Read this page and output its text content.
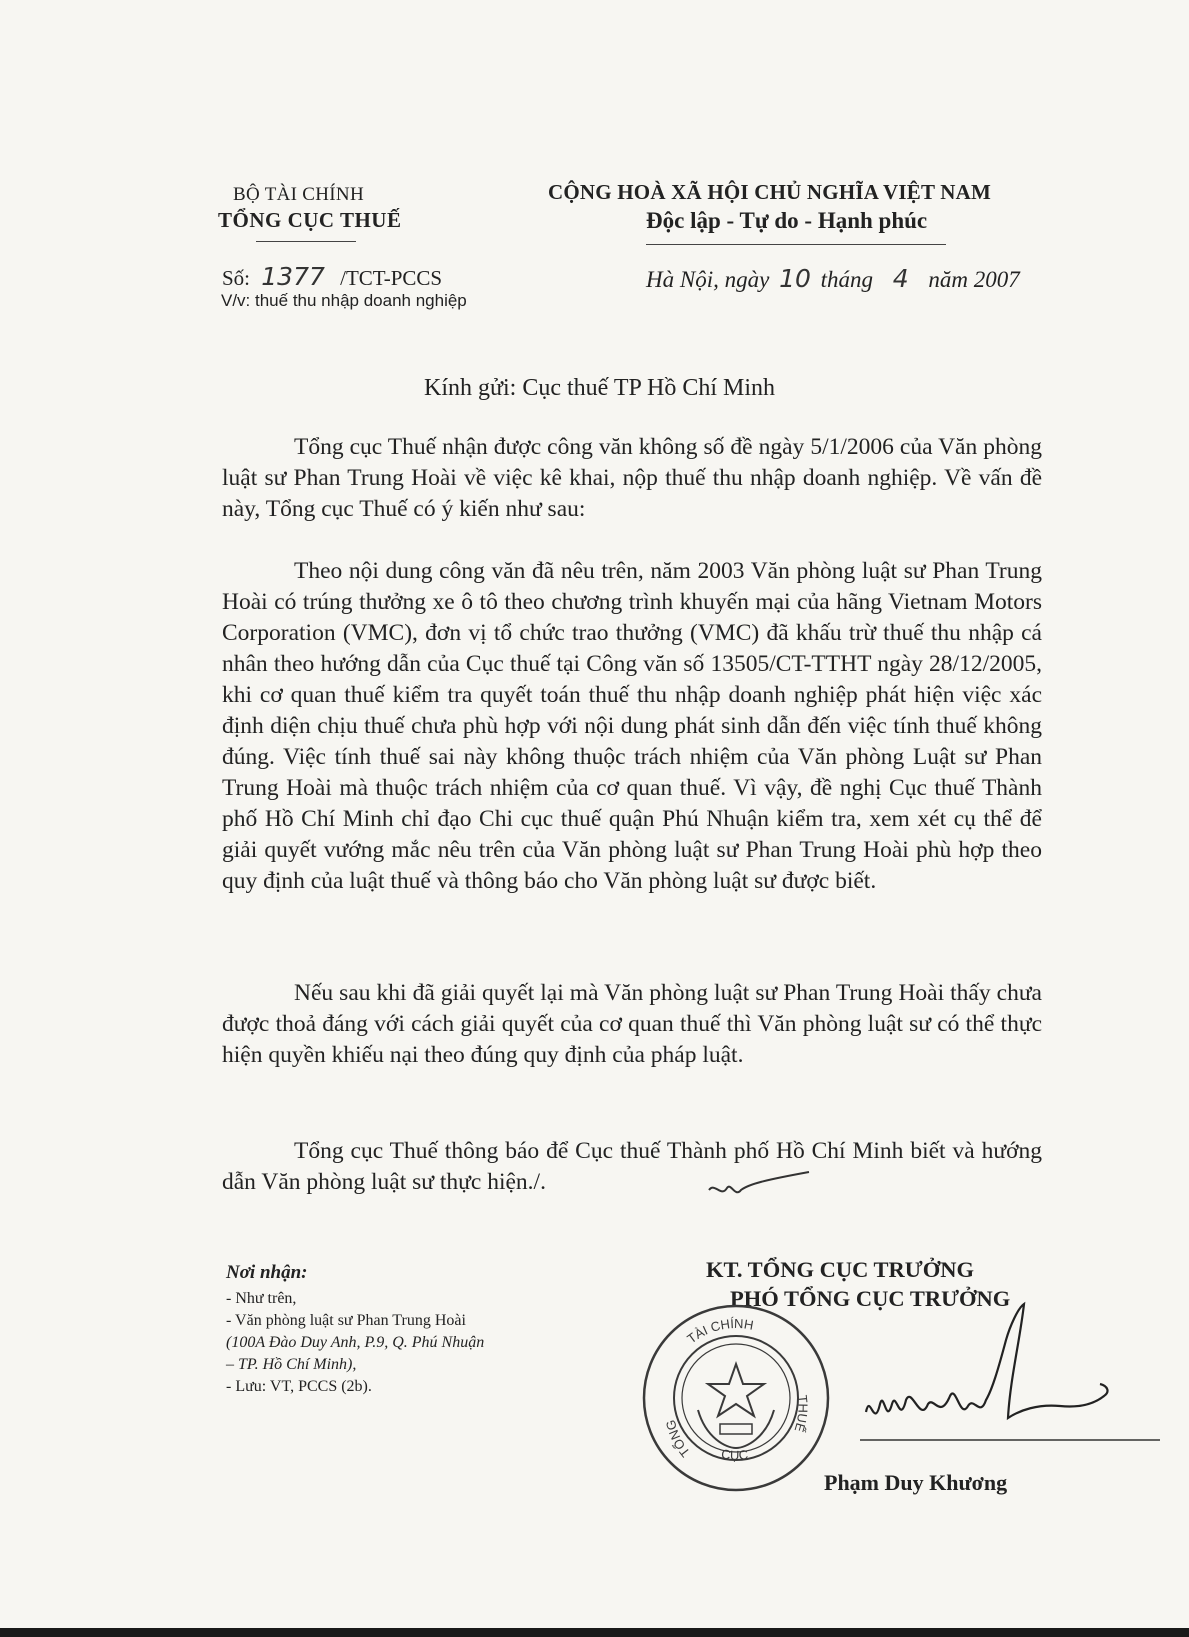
BỘ TÀI CHÍNH
TỔNG CỤC THUẾ
CỘNG HOÀ XÃ HỘI CHỦ NGHĨA VIỆT NAM
Độc lập - Tự do - Hạnh phúc
Số: 1377 /TCT-PCCS
V/v: thuế thu nhập doanh nghiệp
Hà Nội, ngày 10 tháng 4 năm 2007
Kính gửi: Cục thuế TP Hồ Chí Minh

Tổng cục Thuế nhận được công văn không số đề ngày 5/1/2006 của Văn phòng luật sư Phan Trung Hoài về việc kê khai, nộp thuế thu nhập doanh nghiệp. Về vấn đề này, Tổng cục Thuế có ý kiến như sau:

Theo nội dung công văn đã nêu trên, năm 2003 Văn phòng luật sư Phan Trung Hoài có trúng thưởng xe ô tô theo chương trình khuyến mại của hãng Vietnam Motors Corporation (VMC), đơn vị tổ chức trao thưởng (VMC) đã khấu trừ thuế thu nhập cá nhân theo hướng dẫn của Cục thuế tại Công văn số 13505/CT-TTHT ngày 28/12/2005, khi cơ quan thuế kiểm tra quyết toán thuế thu nhập doanh nghiệp phát hiện việc xác định diện chịu thuế chưa phù hợp với nội dung phát sinh dẫn đến việc tính thuế không đúng. Việc tính thuế sai này không thuộc trách nhiệm của Văn phòng Luật sư Phan Trung Hoài mà thuộc trách nhiệm của cơ quan thuế. Vì vậy, đề nghị Cục thuế Thành phố Hồ Chí Minh chỉ đạo Chi cục thuế quận Phú Nhuận kiểm tra, xem xét cụ thể để giải quyết vướng mắc nêu trên của Văn phòng luật sư Phan Trung Hoài phù hợp theo quy định của luật thuế và thông báo cho Văn phòng luật sư được biết.

Nếu sau khi đã giải quyết lại mà Văn phòng luật sư Phan Trung Hoài thấy chưa được thoả đáng với cách giải quyết của cơ quan thuế thì Văn phòng luật sư có thể thực hiện quyền khiếu nại theo đúng quy định của pháp luật.

Tổng cục Thuế thông báo để Cục thuế Thành phố Hồ Chí Minh biết và hướng dẫn Văn phòng luật sư thực hiện./.

Nơi nhận:
- Như trên,
- Văn phòng luật sư Phan Trung Hoài
(100A Đào Duy Anh, P.9, Q. Phú Nhuận
– TP. Hồ Chí Minh),
- Lưu: VT, PCCS (2b).
KT. TỔNG CỤC TRƯỞNG
PHÓ TỔNG CỤC TRƯỞNG
TÀI CHÍNH
TỔNG
THUẾ
CỤC
Phạm Duy Khương
